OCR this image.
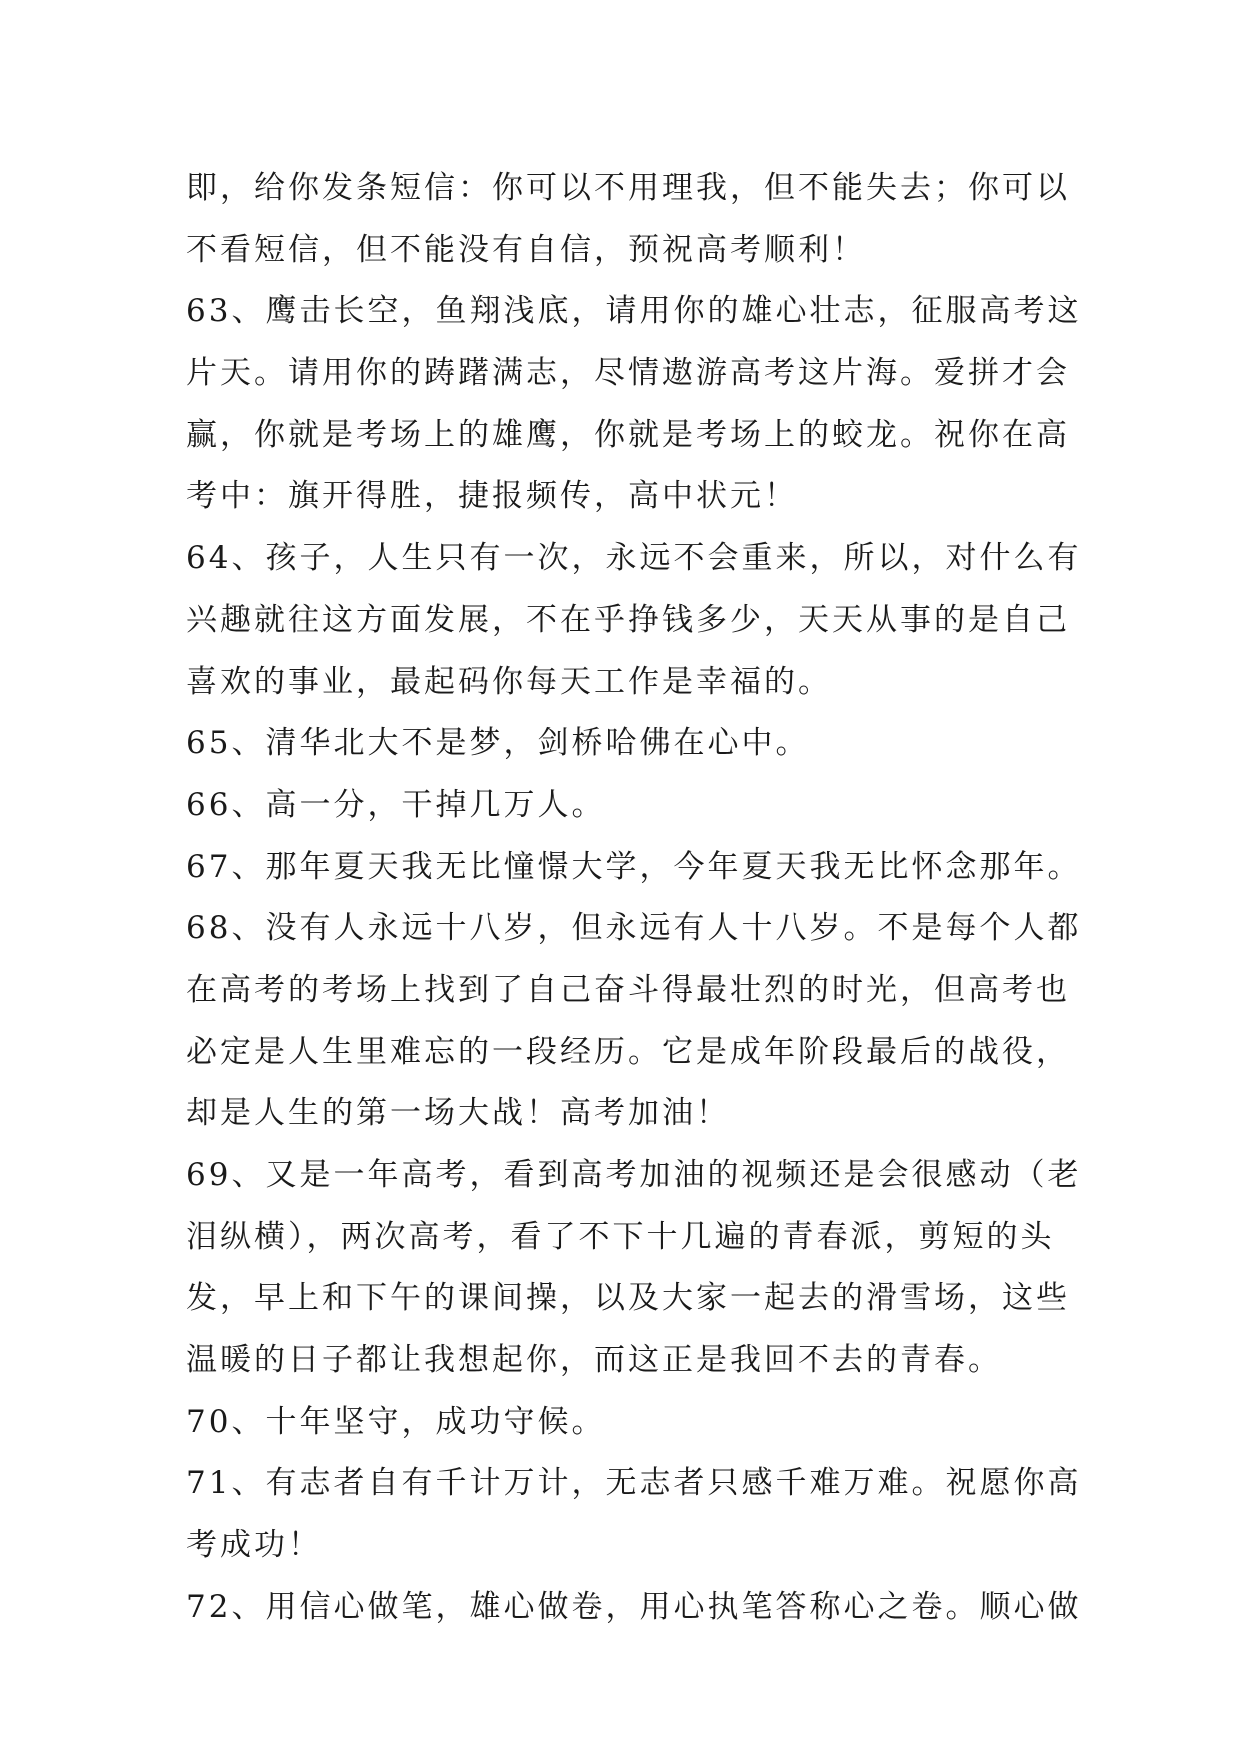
即，给你发条短信：你可以不用理我，但不能失去；你可以
不看短信，但不能没有自信，预祝高考顺利！
63、鹰击长空，鱼翔浅底，请用你的雄心壮志，征服高考这
片天。请用你的踌躇满志，尽情遨游高考这片海。爱拼才会
赢，你就是考场上的雄鹰，你就是考场上的蛟龙。祝你在高
考中：旗开得胜，捷报频传，高中状元！
64、孩子，人生只有一次，永远不会重来，所以，对什么有
兴趣就往这方面发展，不在乎挣钱多少，天天从事的是自己
喜欢的事业，最起码你每天工作是幸福的。
65、清华北大不是梦，剑桥哈佛在心中。
66、高一分，干掉几万人。
67、那年夏天我无比憧憬大学，今年夏天我无比怀念那年。
68、没有人永远十八岁，但永远有人十八岁。不是每个人都
在高考的考场上找到了自己奋斗得最壮烈的时光，但高考也
必定是人生里难忘的一段经历。它是成年阶段最后的战役，
却是人生的第一场大战！高考加油！
69、又是一年高考，看到高考加油的视频还是会很感动（老
泪纵横），两次高考，看了不下十几遍的青春派，剪短的头
发，早上和下午的课间操，以及大家一起去的滑雪场，这些
温暖的日子都让我想起你，而这正是我回不去的青春。
70、十年坚守，成功守候。
71、有志者自有千计万计，无志者只感千难万难。祝愿你高
考成功！
72、用信心做笔，雄心做卷，用心执笔答称心之卷。顺心做
